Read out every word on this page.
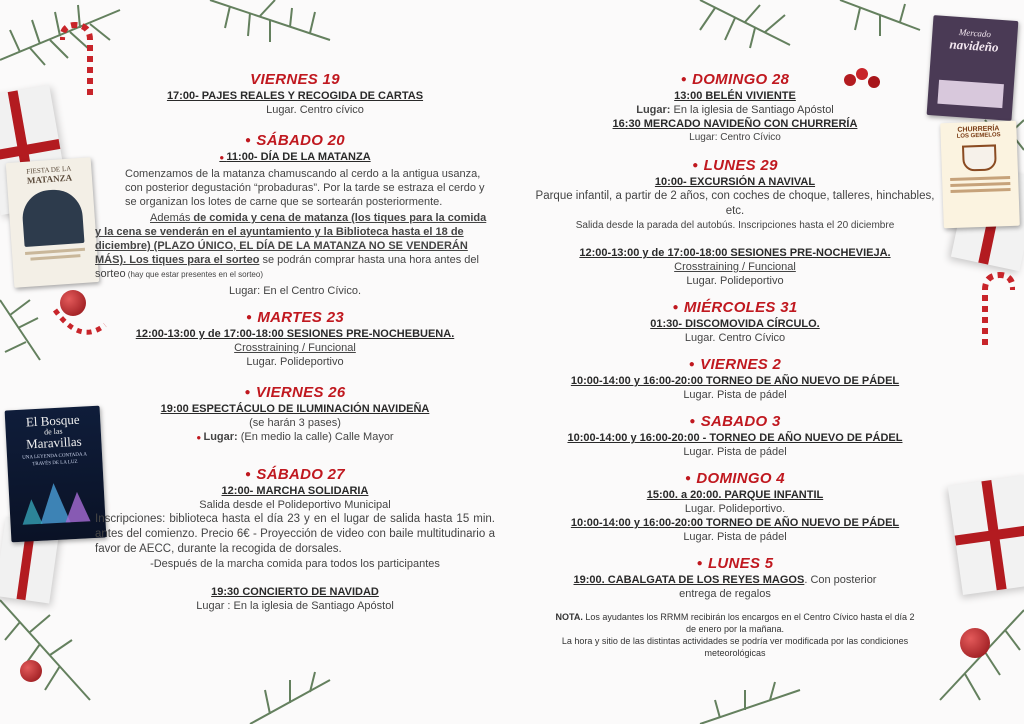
FIESTA DE LA
MATANZA
El Bosque
de las
Maravillas
UNA LEYENDA CONTADA A TRAVÉS DE LA LUZ
Mercado
navideño
CHURRERÍA
LOS GEMELOS
VIERNES 19
17:00- PAJES REALES Y RECOGIDA DE CARTAS
Lugar. Centro cívico
● SÁBADO 20
● 11:00- DÍA DE LA MATANZA
Comenzamos de la matanza chamuscando al cerdo a la antigua usanza, con posterior degustación “probaduras”. Por la tarde se estraza el cerdo y se organizan los lotes de carne que se sortearán posteriormente.
Además de comida y cena de matanza (los tiques para la comida y la cena se venderán en el ayuntamiento y la Biblioteca hasta el 18 de diciembre) (PLAZO ÚNICO, EL DÍA DE LA MATANZA NO SE VENDERÁN MÁS). Los tiques para el sorteo se podrán comprar hasta una hora antes del sorteo (hay que estar presentes en el sorteo)
Lugar: En el Centro Cívico.
● MARTES 23
12:00-13:00 y de 17:00-18:00 SESIONES PRE-NOCHEBUENA.
Crosstraining / Funcional
Lugar. Polideportivo
● VIERNES 26
19:00 ESPECTÁCULO DE ILUMINACIÓN NAVIDEÑA
(se harán 3 pases)
● Lugar: (En medio la calle) Calle Mayor
● SÁBADO 27
12:00- MARCHA SOLIDARIA
Salida desde el Polideportivo Municipal
Inscripciones: biblioteca hasta el día 23 y en el lugar de salida hasta 15 min. antes del comienzo. Precio 6€ - Proyección de video con baile multitudinario a favor de AECC, durante la recogida de dorsales.
-Después de la marcha comida para todos los participantes
19:30 CONCIERTO DE NAVIDAD
Lugar : En la iglesia de Santiago Apóstol
● DOMINGO 28
13:00 BELÉN VIVIENTE
Lugar: En la iglesia de Santiago Apóstol
16:30 MERCADO NAVIDEÑO CON CHURRERÍA
Lugar: Centro Cívico
● LUNES 29
10:00- EXCURSIÓN A NAVIVAL
Parque infantil, a partir de 2 años, con coches de choque, talleres, hinchables, etc.
Salida desde la parada del autobús. Inscripciones hasta el 20 diciembre
12:00-13:00 y de 17:00-18:00 SESIONES PRE-NOCHEVIEJA.
Crosstraining / Funcional
Lugar. Polideportivo
● MIÉRCOLES 31
01:30- DISCOMOVIDA CÍRCULO.
Lugar. Centro Cívico
● VIERNES 2
10:00-14:00 y 16:00-20:00 TORNEO DE AÑO NUEVO DE PÁDEL
Lugar. Pista de pádel
● SABADO 3
10:00-14:00 y 16:00-20:00 - TORNEO DE AÑO NUEVO DE PÁDEL
Lugar. Pista de pádel
● DOMINGO 4
15:00. a 20:00. PARQUE INFANTIL
Lugar. Polideportivo.
10:00-14:00 y 16:00-20:00 TORNEO DE AÑO NUEVO DE PÁDEL
Lugar. Pista de pádel
● LUNES 5
19:00. CABALGATA DE LOS REYES MAGOS. Con posterior entrega de regalos
NOTA. Los ayudantes los RRMM recibirán los encargos en el Centro Cívico hasta el día 2 de enero por la mañana.
La hora y sitio de las distintas actividades se podría ver modificada por las condiciones meteorológicas
